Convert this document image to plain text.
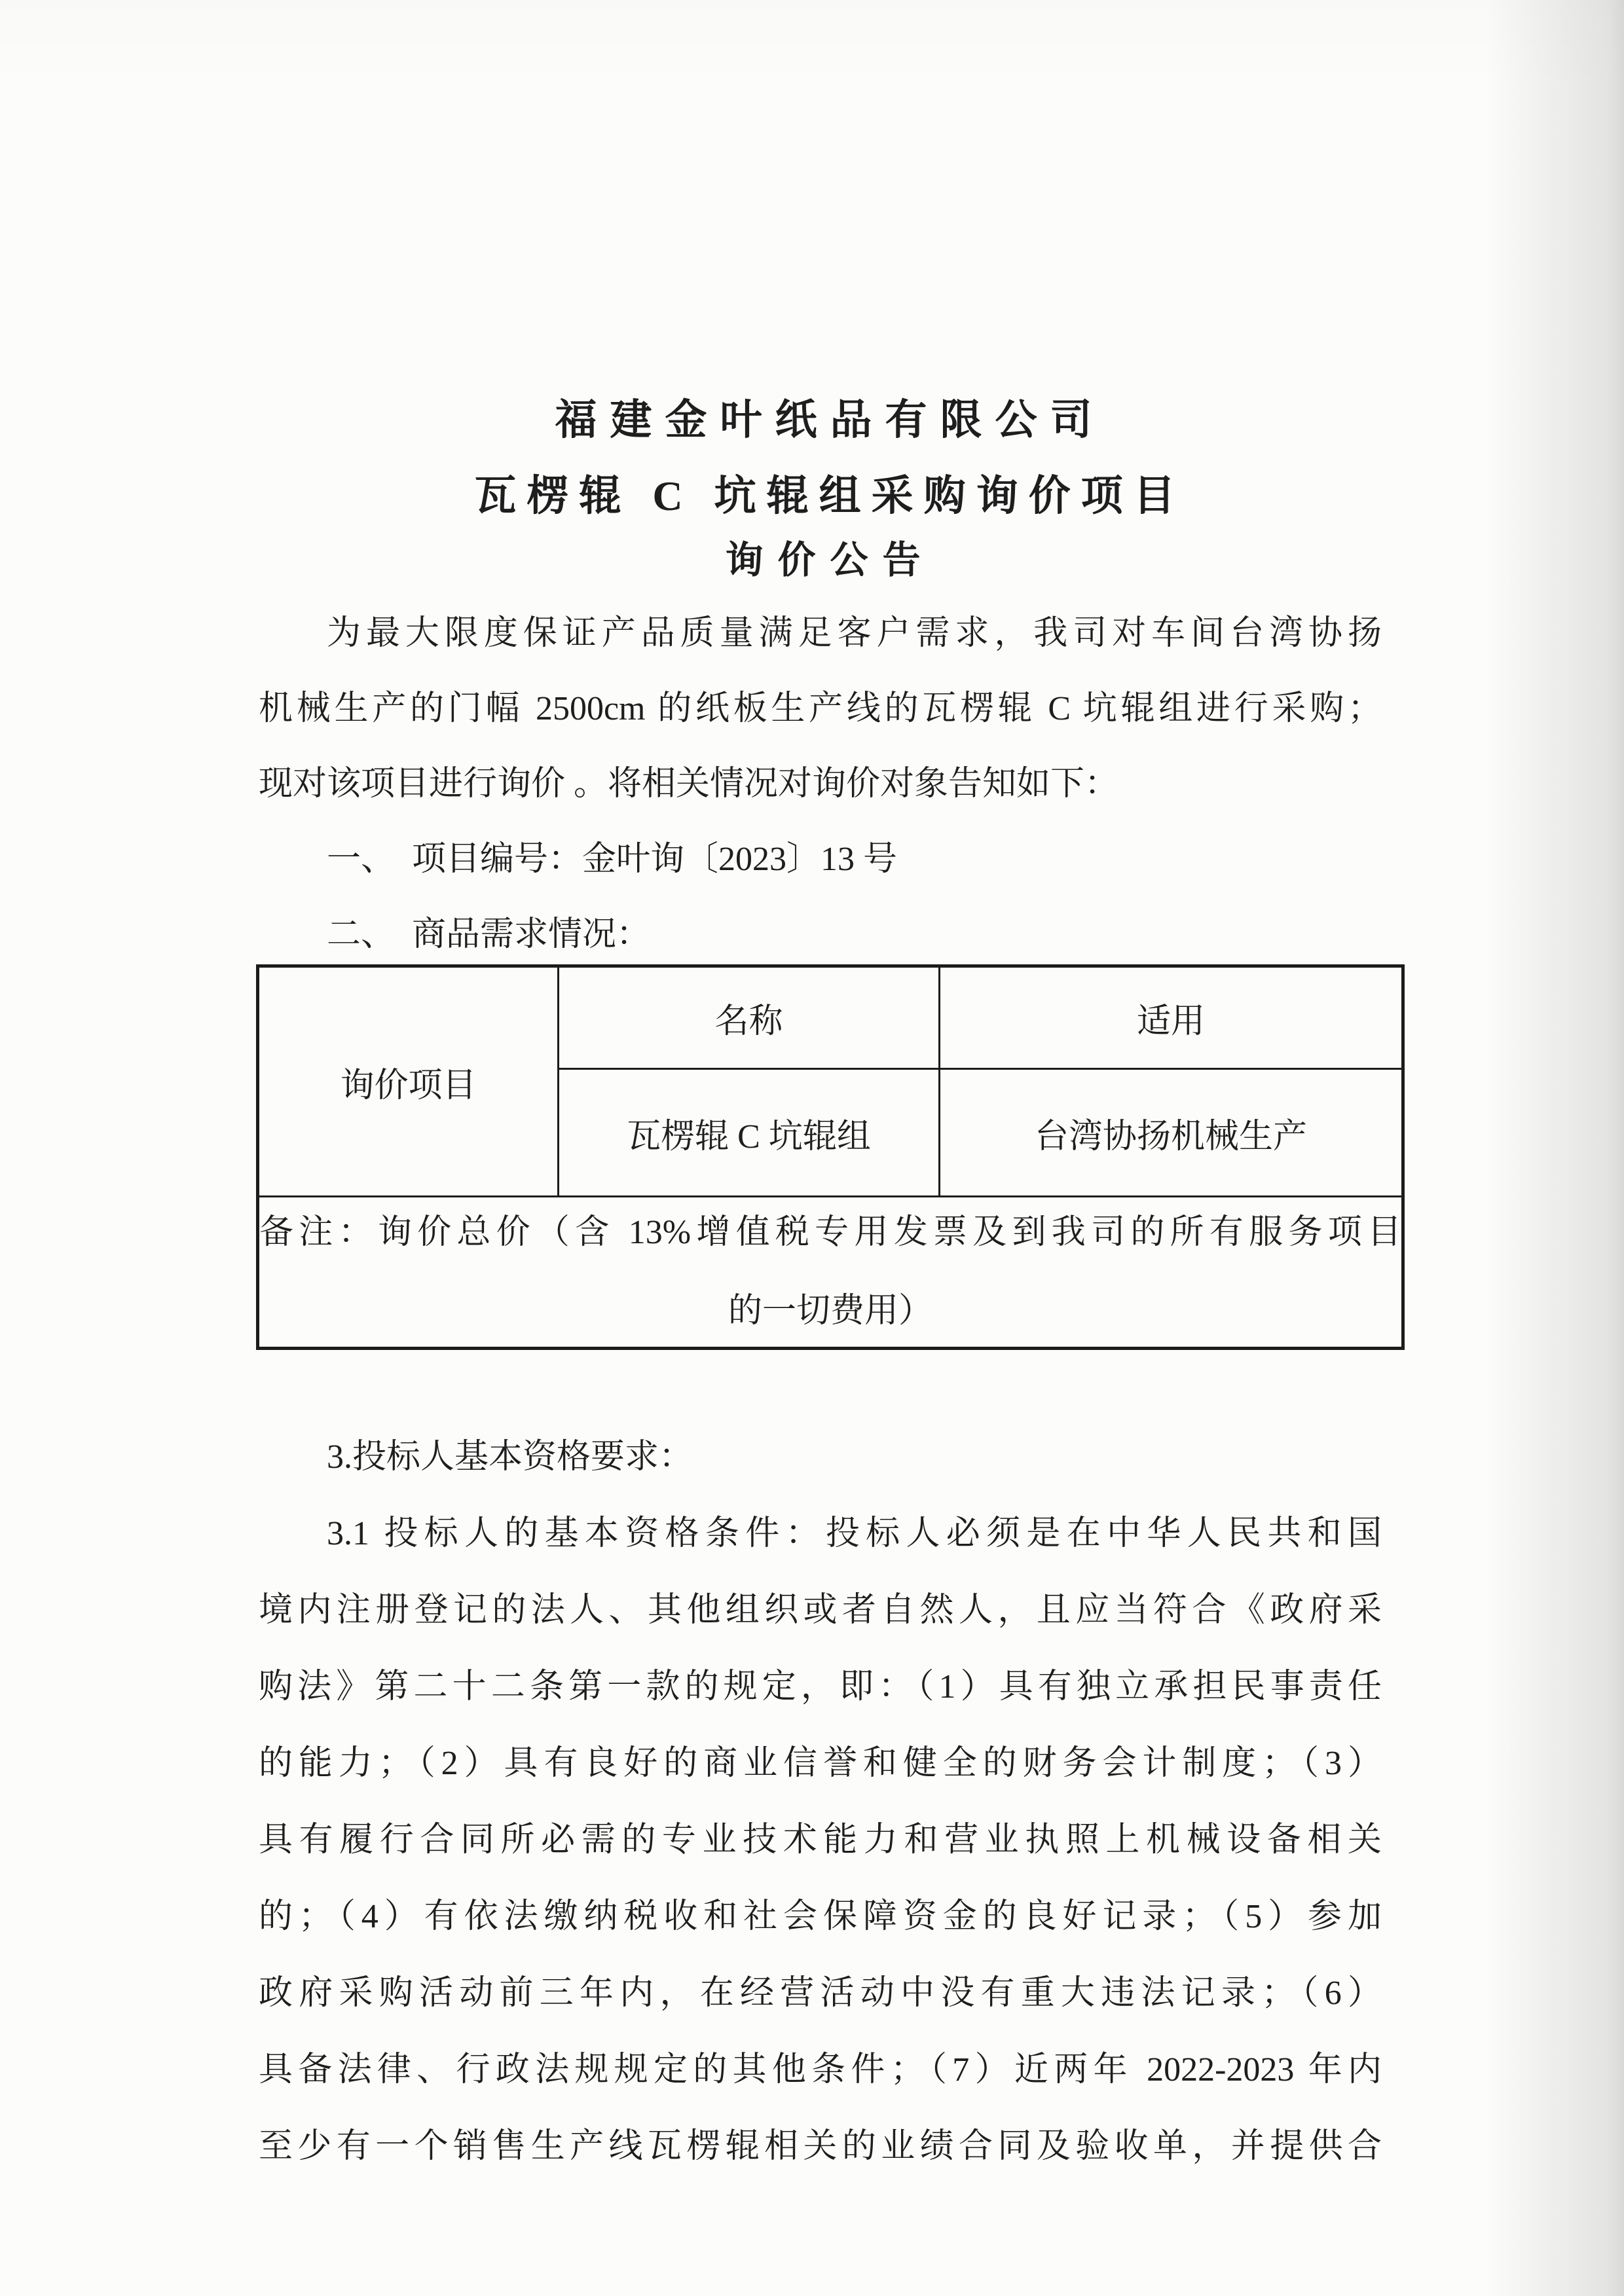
福建金叶纸品有限公司
瓦楞辊 C 坑辊组采购询价项目
询价公告
为最大限度保证产品质量满足客户需求，我司对车间台湾协扬
机械生产的门幅 2500cm 的纸板生产线的瓦楞辊 C 坑辊组进行采购；
现对该项目进行询价 。将相关情况对询价对象告知如下：
一、　项目编号：金叶询〔2023〕13 号
二、　商品需求情况：
询价项目	名称	适用
	瓦楞辊 C 坑辊组	台湾协扬机械生产

备注：询价总价（含 13%增值税专用发票及到我司的所有服务项目
的一切费用）		
3.投标人基本资格要求：
3.1 投标人的基本资格条件：投标人必须是在中华人民共和国
境内注册登记的法人、其他组织或者自然人，且应当符合《政府采
购法》第二十二条第一款的规定，即：（1）具有独立承担民事责任
的能力；（2）具有良好的商业信誉和健全的财务会计制度；（3）
具有履行合同所必需的专业技术能力和营业执照上机械设备相关
的；（4）有依法缴纳税收和社会保障资金的良好记录；（5）参加
政府采购活动前三年内，在经营活动中没有重大违法记录；（6）
具备法律、行政法规规定的其他条件；（7）近两年 2022-2023 年内
至少有一个销售生产线瓦楞辊相关的业绩合同及验收单，并提供合
